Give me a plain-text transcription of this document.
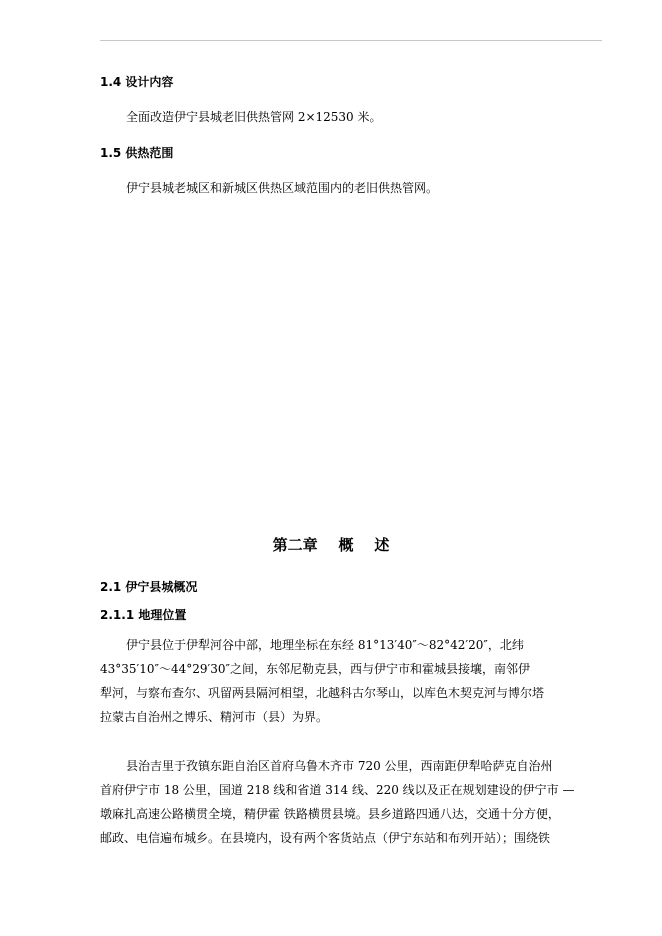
1.4 设计内容
全面改造伊宁县城老旧供热管网 2×12530 米。
1.5 供热范围
伊宁县城老城区和新城区供热区域范围内的老旧供热管网。
第二章    概    述
2.1 伊宁县城概况
2.1.1 地理位置
伊宁县位于伊犁河谷中部，地理坐标在东经 81°13′40″～82°42′20″，北纬
43°35′10″～44°29′30″之间，东邻尼勒克县，西与伊宁市和霍城县接壤，南邻伊
犁河，与察布查尔、巩留两县隔河相望，北越科古尔琴山，以库色木契克河与博尔塔
拉蒙古自治州之博乐、精河市（县）为界。
县治吉里于孜镇东距自治区首府乌鲁木齐市 720 公里，西南距伊犁哈萨克自治州
首府伊宁市 18 公里，国道 218 线和省道 314 线、220 线以及正在规划建设的伊宁市 —
墩麻扎高速公路横贯全境，精伊霍 铁路横贯县境。县乡道路四通八达，交通十分方便，
邮政、电信遍布城乡。在县境内，设有两个客货站点（伊宁东站和布列开站）；围绕铁
